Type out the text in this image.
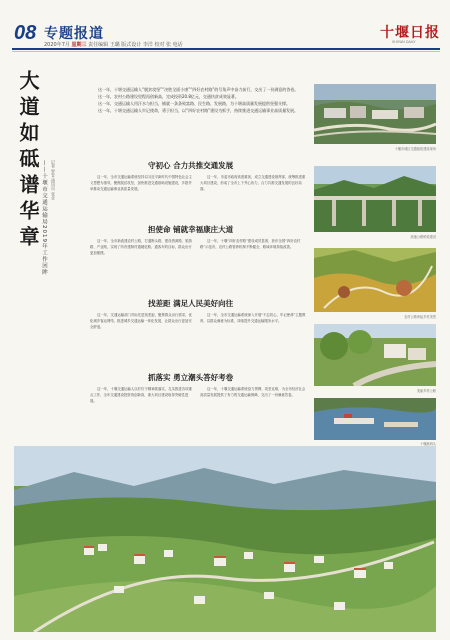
08 专题报道
2020年7月 星期三 责任编辑 王璐 版式设计 李洋 校对 张 电话
十堰日报
SHIYAN DAILY
大道如砥谱华章 ——十堰市交通运输局2019年工作回眸 记者 罗青 通讯员 张业

这一年，十堰交通运输人“脱贫攻坚”“决胜全面小康”“四好农村路”的号角声中奋力前行，交出了一份满意的答卷。

这一年，农村公路建设里程再创新高，完成投资20.8亿元，交通扶贫成效显著。

这一年，交通运输人用汗水与担当，铺就一条条致富路、民生路、发展路，为十堰高质量发展提供坚强支撑。

这一年，十堰交通运输人牢记使命，勇于担当，以“四好农村路”建设为抓手，持续推进交通运输事业高质量发展。

守初心 合力共推交通发展

这一年，全市交通运输系统坚持以习近平新时代中国特色社会主义思想为指导，聚焦脱贫攻坚，加快推进交通基础设施建设，多措并举推动交通运输事业高质量发展。

这一年，市委市政府高度重视，成立交通建设指挥部，统筹推进重大项目建设，形成了全市上下齐心协力、合力共推交通发展的良好局面。

担使命 铺就幸福康庄大道

这一年，全市新改建农村公路，打通断头路，建设资源路、旅游路、产业路，实现了所有建制村通硬化路、通客车的目标，群众出行更加便捷。

这一年，十堰“四好农村路”建设成效显著，获评全国“四好农村路”示范市，农村公路管养机制不断健全，路域环境持续改善。

找差距 满足人民美好向往

这一年，交通运输部门对标先进找差距，聚焦群众出行需求，优化城乡客运网络，推进城乡交通运输一体化发展，让群众出行更加安全舒适。

这一年，全市交通运输系统深入开展“不忘初心、牢记使命”主题教育，以群众满意为标准，持续提升交通运输服务水平。

抓落实 勇立潮头答好考卷

这一年，十堰交通运输人以钉钉子精神抓落实，扎实推进各项重点工作，全年交通建设投资再创新高，重大项目建设取得突破性进展。

这一年，十堰交通运输系统奋力拼搏、攻坚克难，为全市经济社会高质量发展提供了有力的交通运输保障，交出了一份满意答卷。

十堰市城区交通枢纽建设现场
高速公路桥梁建设
农村公路串起乡村美景
美丽乡村公路
十堰港码头
